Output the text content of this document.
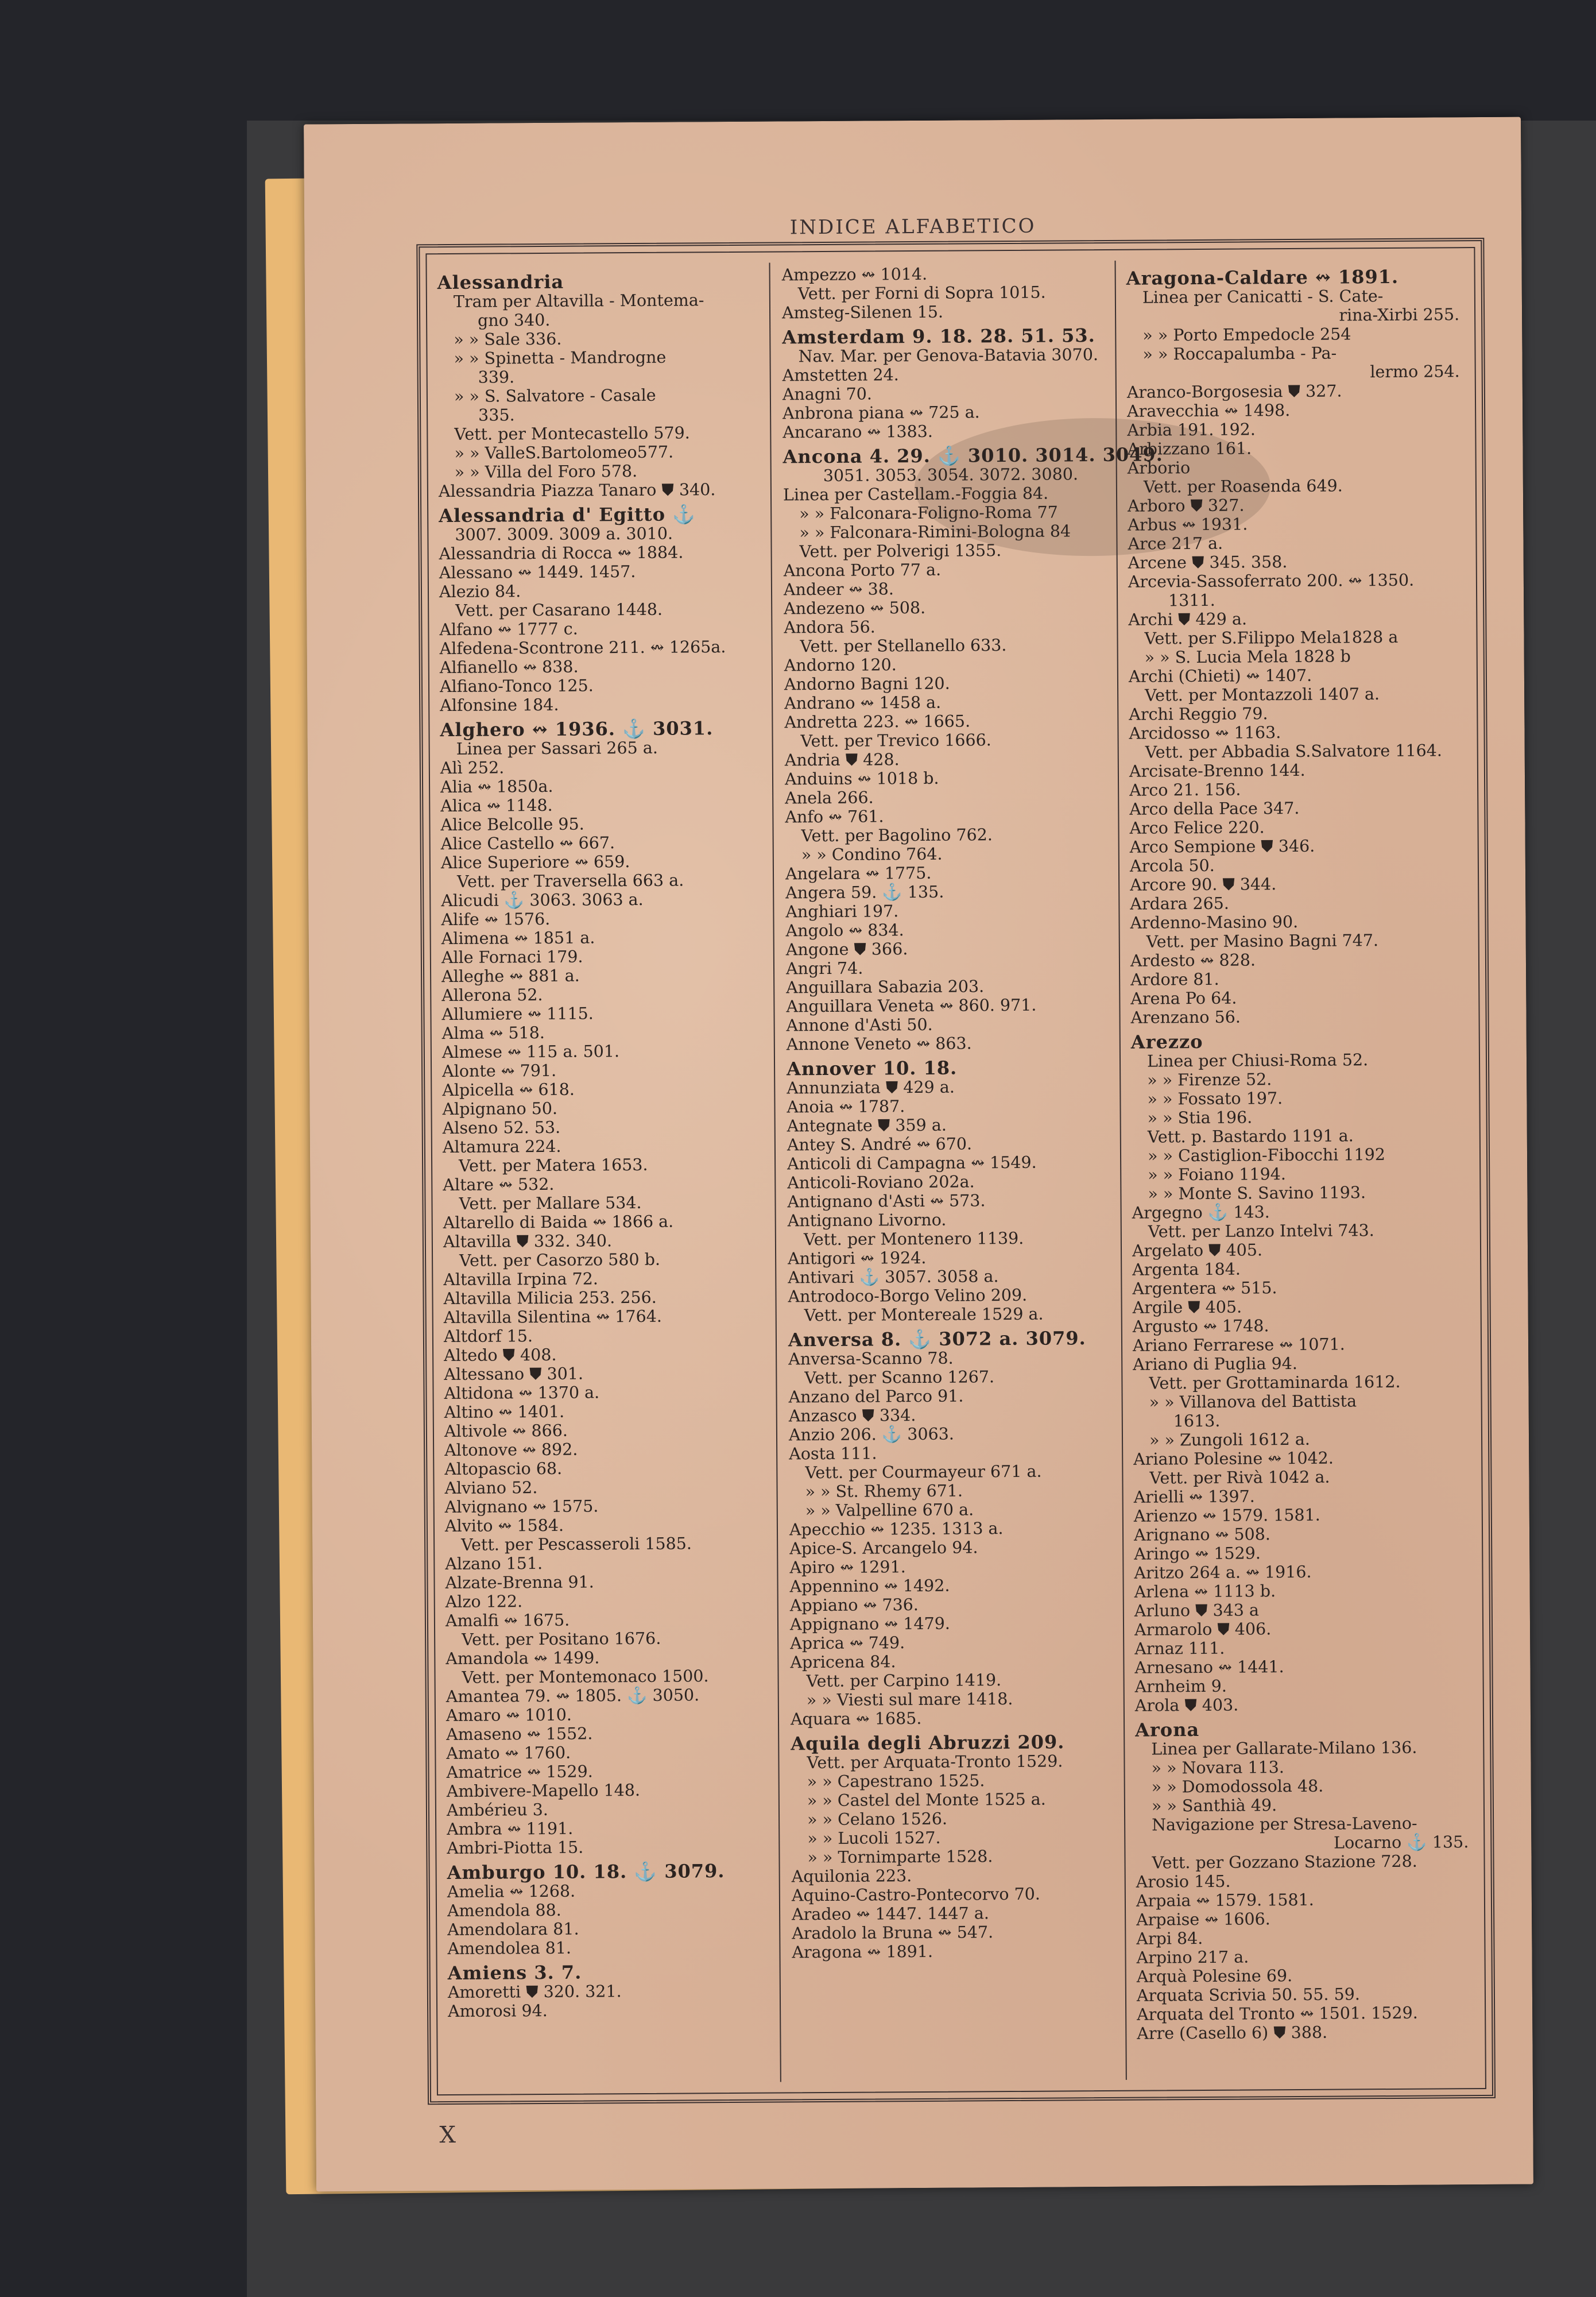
INDICE ALFABETICO
Alessandria
Tram per Altavilla - Montema-
gno 340.
» » Sale 336.
» » Spinetta - Mandrogne
339.
» » S. Salvatore - Casale
335.
Vett. per Montecastello 579.
» » ValleS.Bartolomeo577.
» » Villa del Foro 578.
Alessandria Piazza Tanaro ⛊ 340.
Alessandria d' Egitto ⚓
3007. 3009. 3009 a. 3010.
Alessandria di Rocca ↭ 1884.
Alessano ↭ 1449. 1457.
Alezio 84.
Vett. per Casarano 1448.
Alfano ↭ 1777 c.
Alfedena-Scontrone 211. ↭ 1265a.
Alfianello ↭ 838.
Alfiano-Tonco 125.
Alfonsine 184.
Alghero ↭ 1936. ⚓ 3031.
Linea per Sassari 265 a.
Alì 252.
Alia ↭ 1850a.
Alica ↭ 1148.
Alice Belcolle 95.
Alice Castello ↭ 667.
Alice Superiore ↭ 659.
Vett. per Traversella 663 a.
Alicudi ⚓ 3063. 3063 a.
Alife ↭ 1576.
Alimena ↭ 1851 a.
Alle Fornaci 179.
Alleghe ↭ 881 a.
Allerona 52.
Allumiere ↭ 1115.
Alma ↭ 518.
Almese ↭ 115 a. 501.
Alonte ↭ 791.
Alpicella ↭ 618.
Alpignano 50.
Alseno 52. 53.
Altamura 224.
Vett. per Matera 1653.
Altare ↭ 532.
Vett. per Mallare 534.
Altarello di Baida ↭ 1866 a.
Altavilla ⛊ 332. 340.
Vett. per Casorzo 580 b.
Altavilla Irpina 72.
Altavilla Milicia 253. 256.
Altavilla Silentina ↭ 1764.
Altdorf 15.
Altedo ⛊ 408.
Altessano ⛊ 301.
Altidona ↭ 1370 a.
Altino ↭ 1401.
Altivole ↭ 866.
Altonove ↭ 892.
Altopascio 68.
Alviano 52.
Alvignano ↭ 1575.
Alvito ↭ 1584.
Vett. per Pescasseroli 1585.
Alzano 151.
Alzate-Brenna 91.
Alzo 122.
Amalfi ↭ 1675.
Vett. per Positano 1676.
Amandola ↭ 1499.
Vett. per Montemonaco 1500.
Amantea 79. ↭ 1805. ⚓ 3050.
Amaro ↭ 1010.
Amaseno ↭ 1552.
Amato ↭ 1760.
Amatrice ↭ 1529.
Ambivere-Mapello 148.
Ambérieu 3.
Ambra ↭ 1191.
Ambri-Piotta 15.
Amburgo 10. 18. ⚓ 3079.
Amelia ↭ 1268.
Amendola 88.
Amendolara 81.
Amendolea 81.
Amiens 3. 7.
Amoretti ⛊ 320. 321.
Amorosi 94.
Ampezzo ↭ 1014.
Vett. per Forni di Sopra 1015.
Amsteg-Silenen 15.
Amsterdam 9. 18. 28. 51. 53.
Nav. Mar. per Genova-Batavia 3070.
Amstetten 24.
Anagni 70.
Anbrona piana ↭ 725 a.
Ancarano ↭ 1383.
Ancona 4. 29. ⚓ 3010. 3014. 3049.
3051. 3053. 3054. 3072. 3080.
Linea per Castellam.-Foggia 84.
» » Falconara-Foligno-Roma 77
» » Falconara-Rimini-Bologna 84
Vett. per Polverigi 1355.
Ancona Porto 77 a.
Andeer ↭ 38.
Andezeno ↭ 508.
Andora 56.
Vett. per Stellanello 633.
Andorno 120.
Andorno Bagni 120.
Andrano ↭ 1458 a.
Andretta 223. ↭ 1665.
Vett. per Trevico 1666.
Andria ⛊ 428.
Anduins ↭ 1018 b.
Anela 266.
Anfo ↭ 761.
Vett. per Bagolino 762.
» » Condino 764.
Angelara ↭ 1775.
Angera 59. ⚓ 135.
Anghiari 197.
Angolo ↭ 834.
Angone ⛊ 366.
Angri 74.
Anguillara Sabazia 203.
Anguillara Veneta ↭ 860. 971.
Annone d'Asti 50.
Annone Veneto ↭ 863.
Annover 10. 18.
Annunziata ⛊ 429 a.
Anoia ↭ 1787.
Antegnate ⛊ 359 a.
Antey S. André ↭ 670.
Anticoli di Campagna ↭ 1549.
Anticoli-Roviano 202a.
Antignano d'Asti ↭ 573.
Antignano Livorno.
Vett. per Montenero 1139.
Antigori ↭ 1924.
Antivari ⚓ 3057. 3058 a.
Antrodoco-Borgo Velino 209.
Vett. per Montereale 1529 a.
Anversa 8. ⚓ 3072 a. 3079.
Anversa-Scanno 78.
Vett. per Scanno 1267.
Anzano del Parco 91.
Anzasco ⛊ 334.
Anzio 206. ⚓ 3063.
Aosta 111.
Vett. per Courmayeur 671 a.
» » St. Rhemy 671.
» » Valpelline 670 a.
Apecchio ↭ 1235. 1313 a.
Apice-S. Arcangelo 94.
Apiro ↭ 1291.
Appennino ↭ 1492.
Appiano ↭ 736.
Appignano ↭ 1479.
Aprica ↭ 749.
Apricena 84.
Vett. per Carpino 1419.
» » Viesti sul mare 1418.
Aquara ↭ 1685.
Aquila degli Abruzzi 209.
Vett. per Arquata-Tronto 1529.
» » Capestrano 1525.
» » Castel del Monte 1525 a.
» » Celano 1526.
» » Lucoli 1527.
» » Tornimparte 1528.
Aquilonia 223.
Aquino-Castro-Pontecorvo 70.
Aradeo ↭ 1447. 1447 a.
Aradolo la Bruna ↭ 547.
Aragona ↭ 1891.
Aragona-Caldare ↭ 1891.
Linea per Canicatti - S. Cate-
rina-Xirbi 255.
» » Porto Empedocle 254
» » Roccapalumba - Pa-
lermo 254.
Aranco-Borgosesia ⛊ 327.
Aravecchia ↭ 1498.
Arbia 191. 192.
Arbizzano 161.
Arborio
Vett. per Roasenda 649.
Arboro ⛊ 327.
Arbus ↭ 1931.
Arce 217 a.
Arcene ⛊ 345. 358.
Arcevia-Sassoferrato 200. ↭ 1350.
1311.
Archi ⛊ 429 a.
Vett. per S.Filippo Mela1828 a
» » S. Lucia Mela 1828 b
Archi (Chieti) ↭ 1407.
Vett. per Montazzoli 1407 a.
Archi Reggio 79.
Arcidosso ↭ 1163.
Vett. per Abbadia S.Salvatore 1164.
Arcisate-Brenno 144.
Arco 21. 156.
Arco della Pace 347.
Arco Felice 220.
Arco Sempione ⛊ 346.
Arcola 50.
Arcore 90. ⛊ 344.
Ardara 265.
Ardenno-Masino 90.
Vett. per Masino Bagni 747.
Ardesto ↭ 828.
Ardore 81.
Arena Po 64.
Arenzano 56.
Arezzo
Linea per Chiusi-Roma 52.
» » Firenze 52.
» » Fossato 197.
» » Stia 196.
Vett. p. Bastardo 1191 a.
» » Castiglion-Fibocchi 1192
» » Foiano 1194.
» » Monte S. Savino 1193.
Argegno ⚓ 143.
Vett. per Lanzo Intelvi 743.
Argelato ⛊ 405.
Argenta 184.
Argentera ↭ 515.
Argile ⛊ 405.
Argusto ↭ 1748.
Ariano Ferrarese ↭ 1071.
Ariano di Puglia 94.
Vett. per Grottaminarda 1612.
» » Villanova del Battista
1613.
» » Zungoli 1612 a.
Ariano Polesine ↭ 1042.
Vett. per Rivà 1042 a.
Arielli ↭ 1397.
Arienzo ↭ 1579. 1581.
Arignano ↭ 508.
Aringo ↭ 1529.
Aritzo 264 a. ↭ 1916.
Arlena ↭ 1113 b.
Arluno ⛊ 343 a
Armarolo ⛊ 406.
Arnaz 111.
Arnesano ↭ 1441.
Arnheim 9.
Arola ⛊ 403.
Arona
Linea per Gallarate-Milano 136.
» » Novara 113.
» » Domodossola 48.
» » Santhià 49.
Navigazione per Stresa-Laveno-
Locarno ⚓ 135.
Vett. per Gozzano Stazione 728.
Arosio 145.
Arpaia ↭ 1579. 1581.
Arpaise ↭ 1606.
Arpi 84.
Arpino 217 a.
Arquà Polesine 69.
Arquata Scrivia 50. 55. 59.
Arquata del Tronto ↭ 1501. 1529.
Arre (Casello 6) ⛊ 388.
X
